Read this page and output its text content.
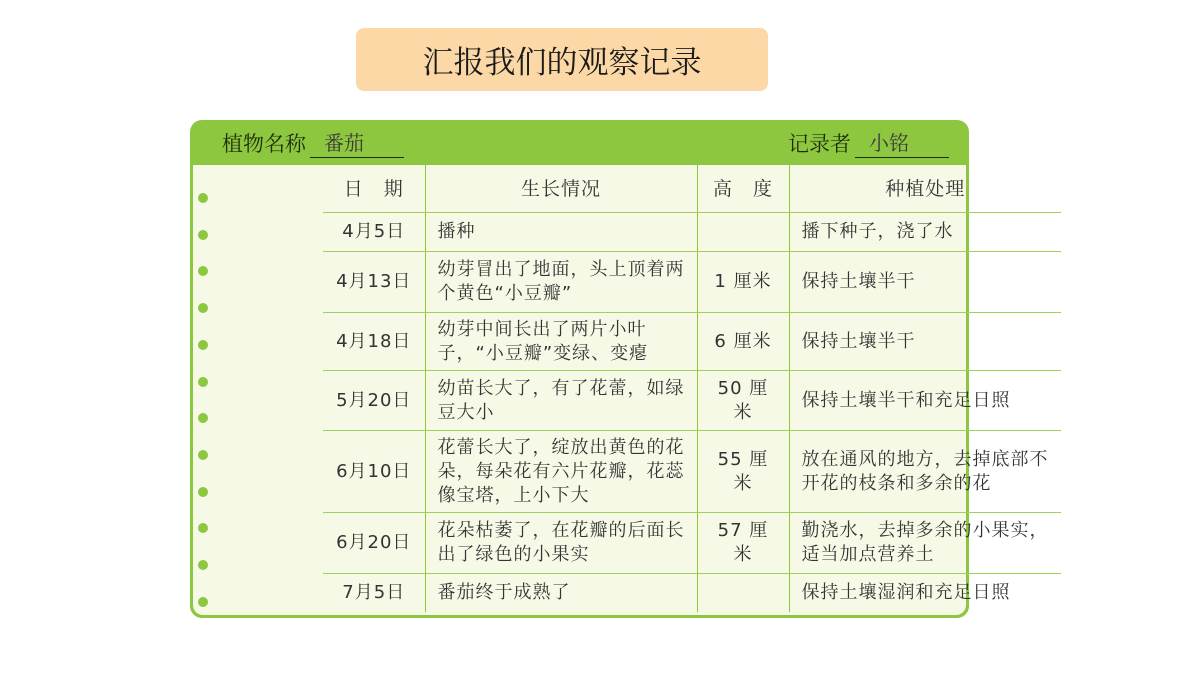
汇报我们的观察记录
植物名称 番茄	记录者 小铭
日　期	生长情况	高　度	种植处理
4月5日	播种		播下种子，浇了水
4月13日	幼芽冒出了地面，头上顶着两个黄色“小豆瓣”	1 厘米	保持土壤半干
4月18日	幼芽中间长出了两片小叶子，“小豆瓣”变绿、变瘪	6 厘米	保持土壤半干
5月20日	幼苗长大了，有了花蕾，如绿豆大小	50 厘米	保持土壤半干和充足日照
6月10日	花蕾长大了，绽放出黄色的花朵，每朵花有六片花瓣，花蕊像宝塔，上小下大	55 厘米	放在通风的地方，去掉底部不开花的枝条和多余的花
6月20日	花朵枯萎了，在花瓣的后面长出了绿色的小果实	57 厘米	勤浇水，去掉多余的小果实，适当加点营养土
7月5日	番茄终于成熟了		保持土壤湿润和充足日照
